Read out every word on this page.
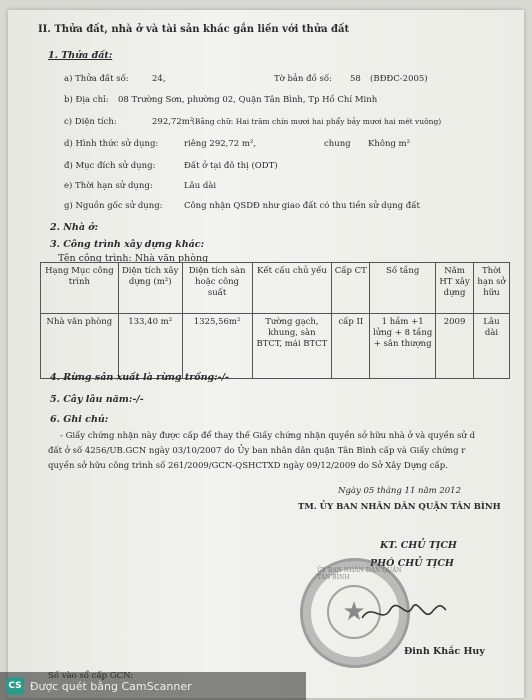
II. Thửa đất, nhà ở và tài sản khác gắn liền với thửa đất
1. Thửa đất:
a) Thửa đất số:	24,	Tờ bản đồ số: 58 (BĐĐC-2005)
b) Địa chỉ: 08 Trường Sơn, phường 02, Quận Tân Bình, Tp Hồ Chí Minh
c) Diện tích:	292,72m²
(Bằng chữ: Hai trăm chín mươi hai phẩy bảy mươi hai mét vuông)
d) Hình thức sử dụng:	riêng 292,72 m²,	chung Không m²
đ) Mục đích sử dụng:	Đất ở tại đô thị (ODT)
e) Thời hạn sử dụng:	Lâu dài
g) Nguồn gốc sử dụng:	Công nhận QSDĐ như giao đất có thu tiền sử dụng đất
2. Nhà ở:
3. Công trình xây dựng khác:
Tên công trình: Nhà văn phòng
Hạng Mục công trình	Diện tích xây dựng (m²)	Diện tích sàn hoặc công suất	Kết cấu chủ yếu	Cấp CT	Số tầng	Năm HT xây dựng	Thời hạn sở hữu
Nhà văn phòng	133,40 m²	1325,56m²	Tường gạch, khung, sàn BTCT, mái BTCT	cấp II	1 hầm +1 lửng + 8 tầng + sân thượng	2009	Lâu dài
4. Rừng sản xuất là rừng trồng:-/-
5. Cây lâu năm:-/-
6. Ghi chú:
- Giấy chứng nhận này được cấp để thay thế Giấy chứng nhận quyền sở hữu nhà ở và quyền sử d
đất ở số 4256/UB.GCN ngày 03/10/2007 do Ủy ban nhân dân quận Tân Bình cấp và Giấy chứng r
quyền sở hữu công trình số 261/2009/GCN-QSHCTXD ngày 09/12/2009 do Sở Xây Dựng cấp.
Ngày 05 tháng 11 năm 2012
TM. ỦY BAN NHÂN DÂN QUẬN TÂN BÌNH
KT. CHỦ TỊCH
PHÓ CHỦ TỊCH
★
ỦY BAN NHÂN DÂN QUẬN TÂN BÌNH
Đinh Khắc Huy
CS Được quét bằng CamScanner
